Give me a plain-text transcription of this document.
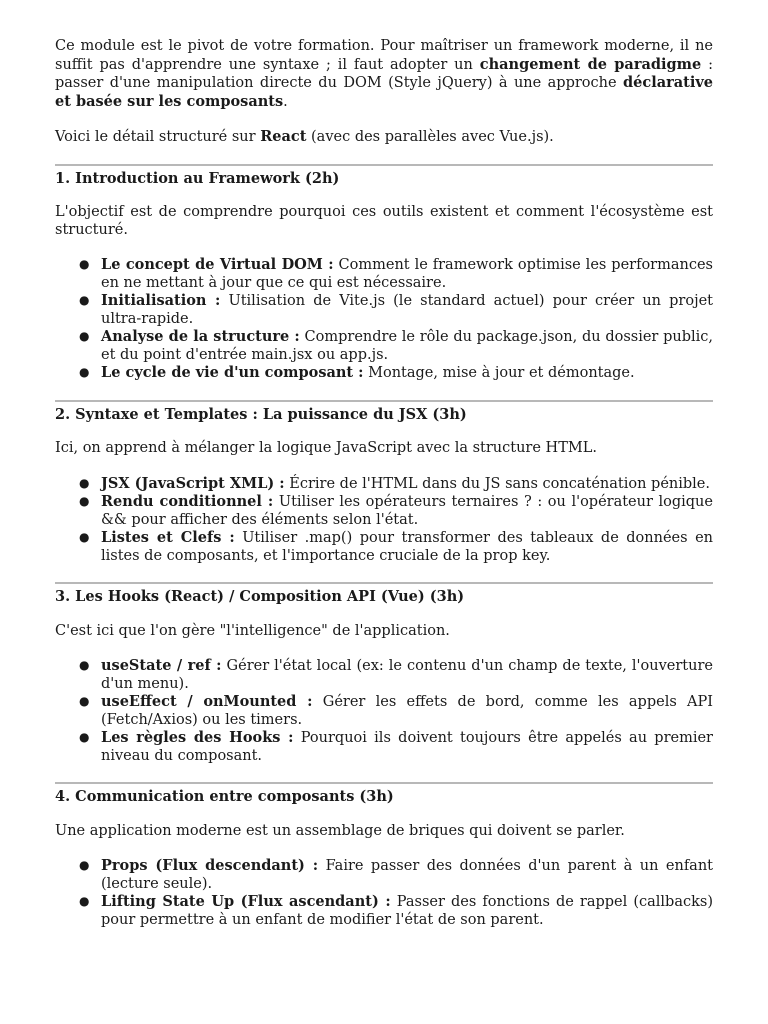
Ce module est le pivot de votre formation. Pour maîtriser un framework moderne, il ne suffit pas d'apprendre une syntaxe ; il faut adopter un changement de paradigme : passer d'une manipulation directe du DOM (Style jQuery) à une approche déclarative et basée sur les composants.

Voici le détail structuré sur React (avec des parallèles avec Vue.js).

1. Introduction au Framework (2h)

L'objectif est de comprendre pourquoi ces outils existent et comment l'écosystème est structuré.

● Le concept de Virtual DOM : Comment le framework optimise les performances en ne mettant à jour que ce qui est nécessaire.
● Initialisation : Utilisation de Vite.js (le standard actuel) pour créer un projet ultra-rapide.
● Analyse de la structure : Comprendre le rôle du package.json, du dossier public, et du point d'entrée main.jsx ou app.js.
● Le cycle de vie d'un composant : Montage, mise à jour et démontage.
2. Syntaxe et Templates : La puissance du JSX (3h)

Ici, on apprend à mélanger la logique JavaScript avec la structure HTML.

● JSX (JavaScript XML) : Écrire de l'HTML dans du JS sans concaténation pénible.
● Rendu conditionnel : Utiliser les opérateurs ternaires ? : ou l'opérateur logique && pour afficher des éléments selon l'état.
● Listes et Clefs : Utiliser .map() pour transformer des tableaux de données en listes de composants, et l'importance cruciale de la prop key.
3. Les Hooks (React) / Composition API (Vue) (3h)

C'est ici que l'on gère "l'intelligence" de l'application.

● useState / ref : Gérer l'état local (ex: le contenu d'un champ de texte, l'ouverture d'un menu).
● useEffect / onMounted : Gérer les effets de bord, comme les appels API (Fetch/Axios) ou les timers.
● Les règles des Hooks : Pourquoi ils doivent toujours être appelés au premier niveau du composant.
4. Communication entre composants (3h)

Une application moderne est un assemblage de briques qui doivent se parler.

● Props (Flux descendant) : Faire passer des données d'un parent à un enfant (lecture seule).
● Lifting State Up (Flux ascendant) : Passer des fonctions de rappel (callbacks) pour permettre à un enfant de modifier l'état de son parent.
